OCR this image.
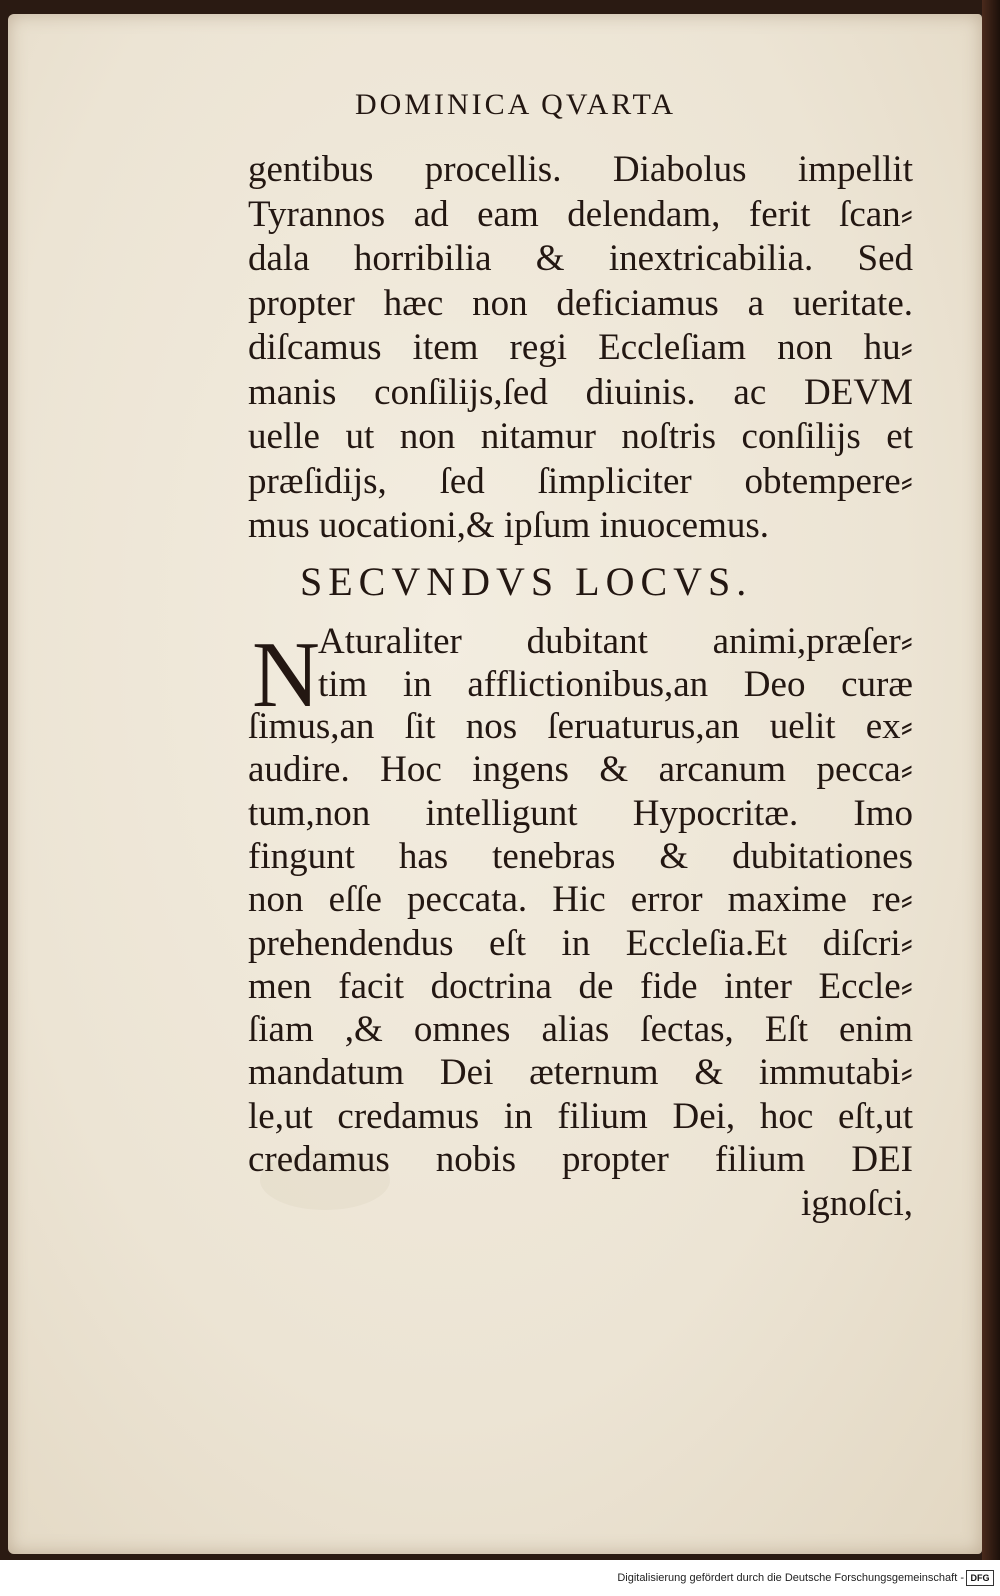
DOMINICA QVARTA
gentibus procellis. Diabolus impellit
Tyrannos ad eam delendam, ferit ſcan⸗
dala horribilia & inextricabilia. Sed
propter hæc non deficiamus a ueritate.
diſcamus item regi Eccleſiam non hu⸗
manis conſilijs,ſed diuinis. ac DEVM
uelle ut non nitamur noſtris conſilijs et
præſidijs, ſed ſimpliciter obtempere⸗
mus uocationi,& ipſum inuocemus.
SECVNDVS LOCVS.
N
Aturaliter dubitant animi,præſer⸗
tim in afflictionibus,an Deo curæ
ſimus,an ſit nos ſeruaturus,an uelit ex⸗
audire. Hoc ingens & arcanum pecca⸗
tum,non intelligunt Hypocritæ. Imo
fingunt has tenebras & dubitationes
non eſſe peccata. Hic error maxime re⸗
prehendendus eſt in Eccleſia.Et diſcri⸗
men facit doctrina de fide inter Eccle⸗
ſiam ,& omnes alias ſectas, Eſt enim
mandatum Dei æternum & immutabi⸗
le,ut credamus in filium Dei, hoc eſt,ut
credamus nobis propter filium DEI
ignoſci,
Digitalisierung gefördert durch die Deutsche Forschungsgemeinschaft - DFG
